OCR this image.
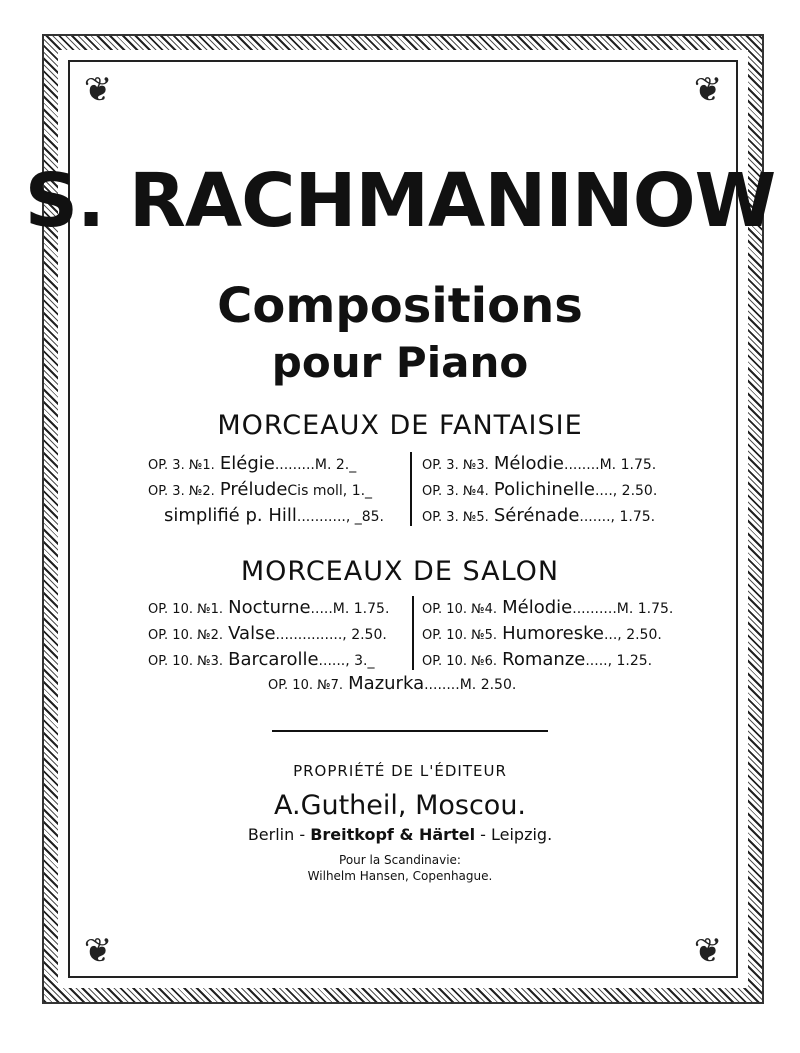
❦	❦
❦	❦
S. RACHMANINOW
Compositions
pour Piano
MORCEAUX DE FANTAISIE
OP. 3. №1. Elégie.........M. 2._
OP. 3. №2. PréludeCis moll, 1._
simplifié p. Hill..........., _85.
OP. 3. №3. Mélodie........M. 1.75.
OP. 3. №4. Polichinelle...., 2.50.
OP. 3. №5. Sérénade......., 1.75.
MORCEAUX DE SALON
OP. 10. №1. Nocturne.....M. 1.75.
OP. 10. №2. Valse..............., 2.50.
OP. 10. №3. Barcarolle......, 3._
OP. 10. №4. Mélodie..........M. 1.75.
OP. 10. №5. Humoreske..., 2.50.
OP. 10. №6. Romanze....., 1.25.
OP. 10. №7. Mazurka........M. 2.50.
PROPRIÉTÉ DE L'ÉDITEUR
A.Gutheil, Moscou.
Berlin - Breitkopf & Härtel - Leipzig.
Pour la Scandinavie:
Wilhelm Hansen, Copenhague.
